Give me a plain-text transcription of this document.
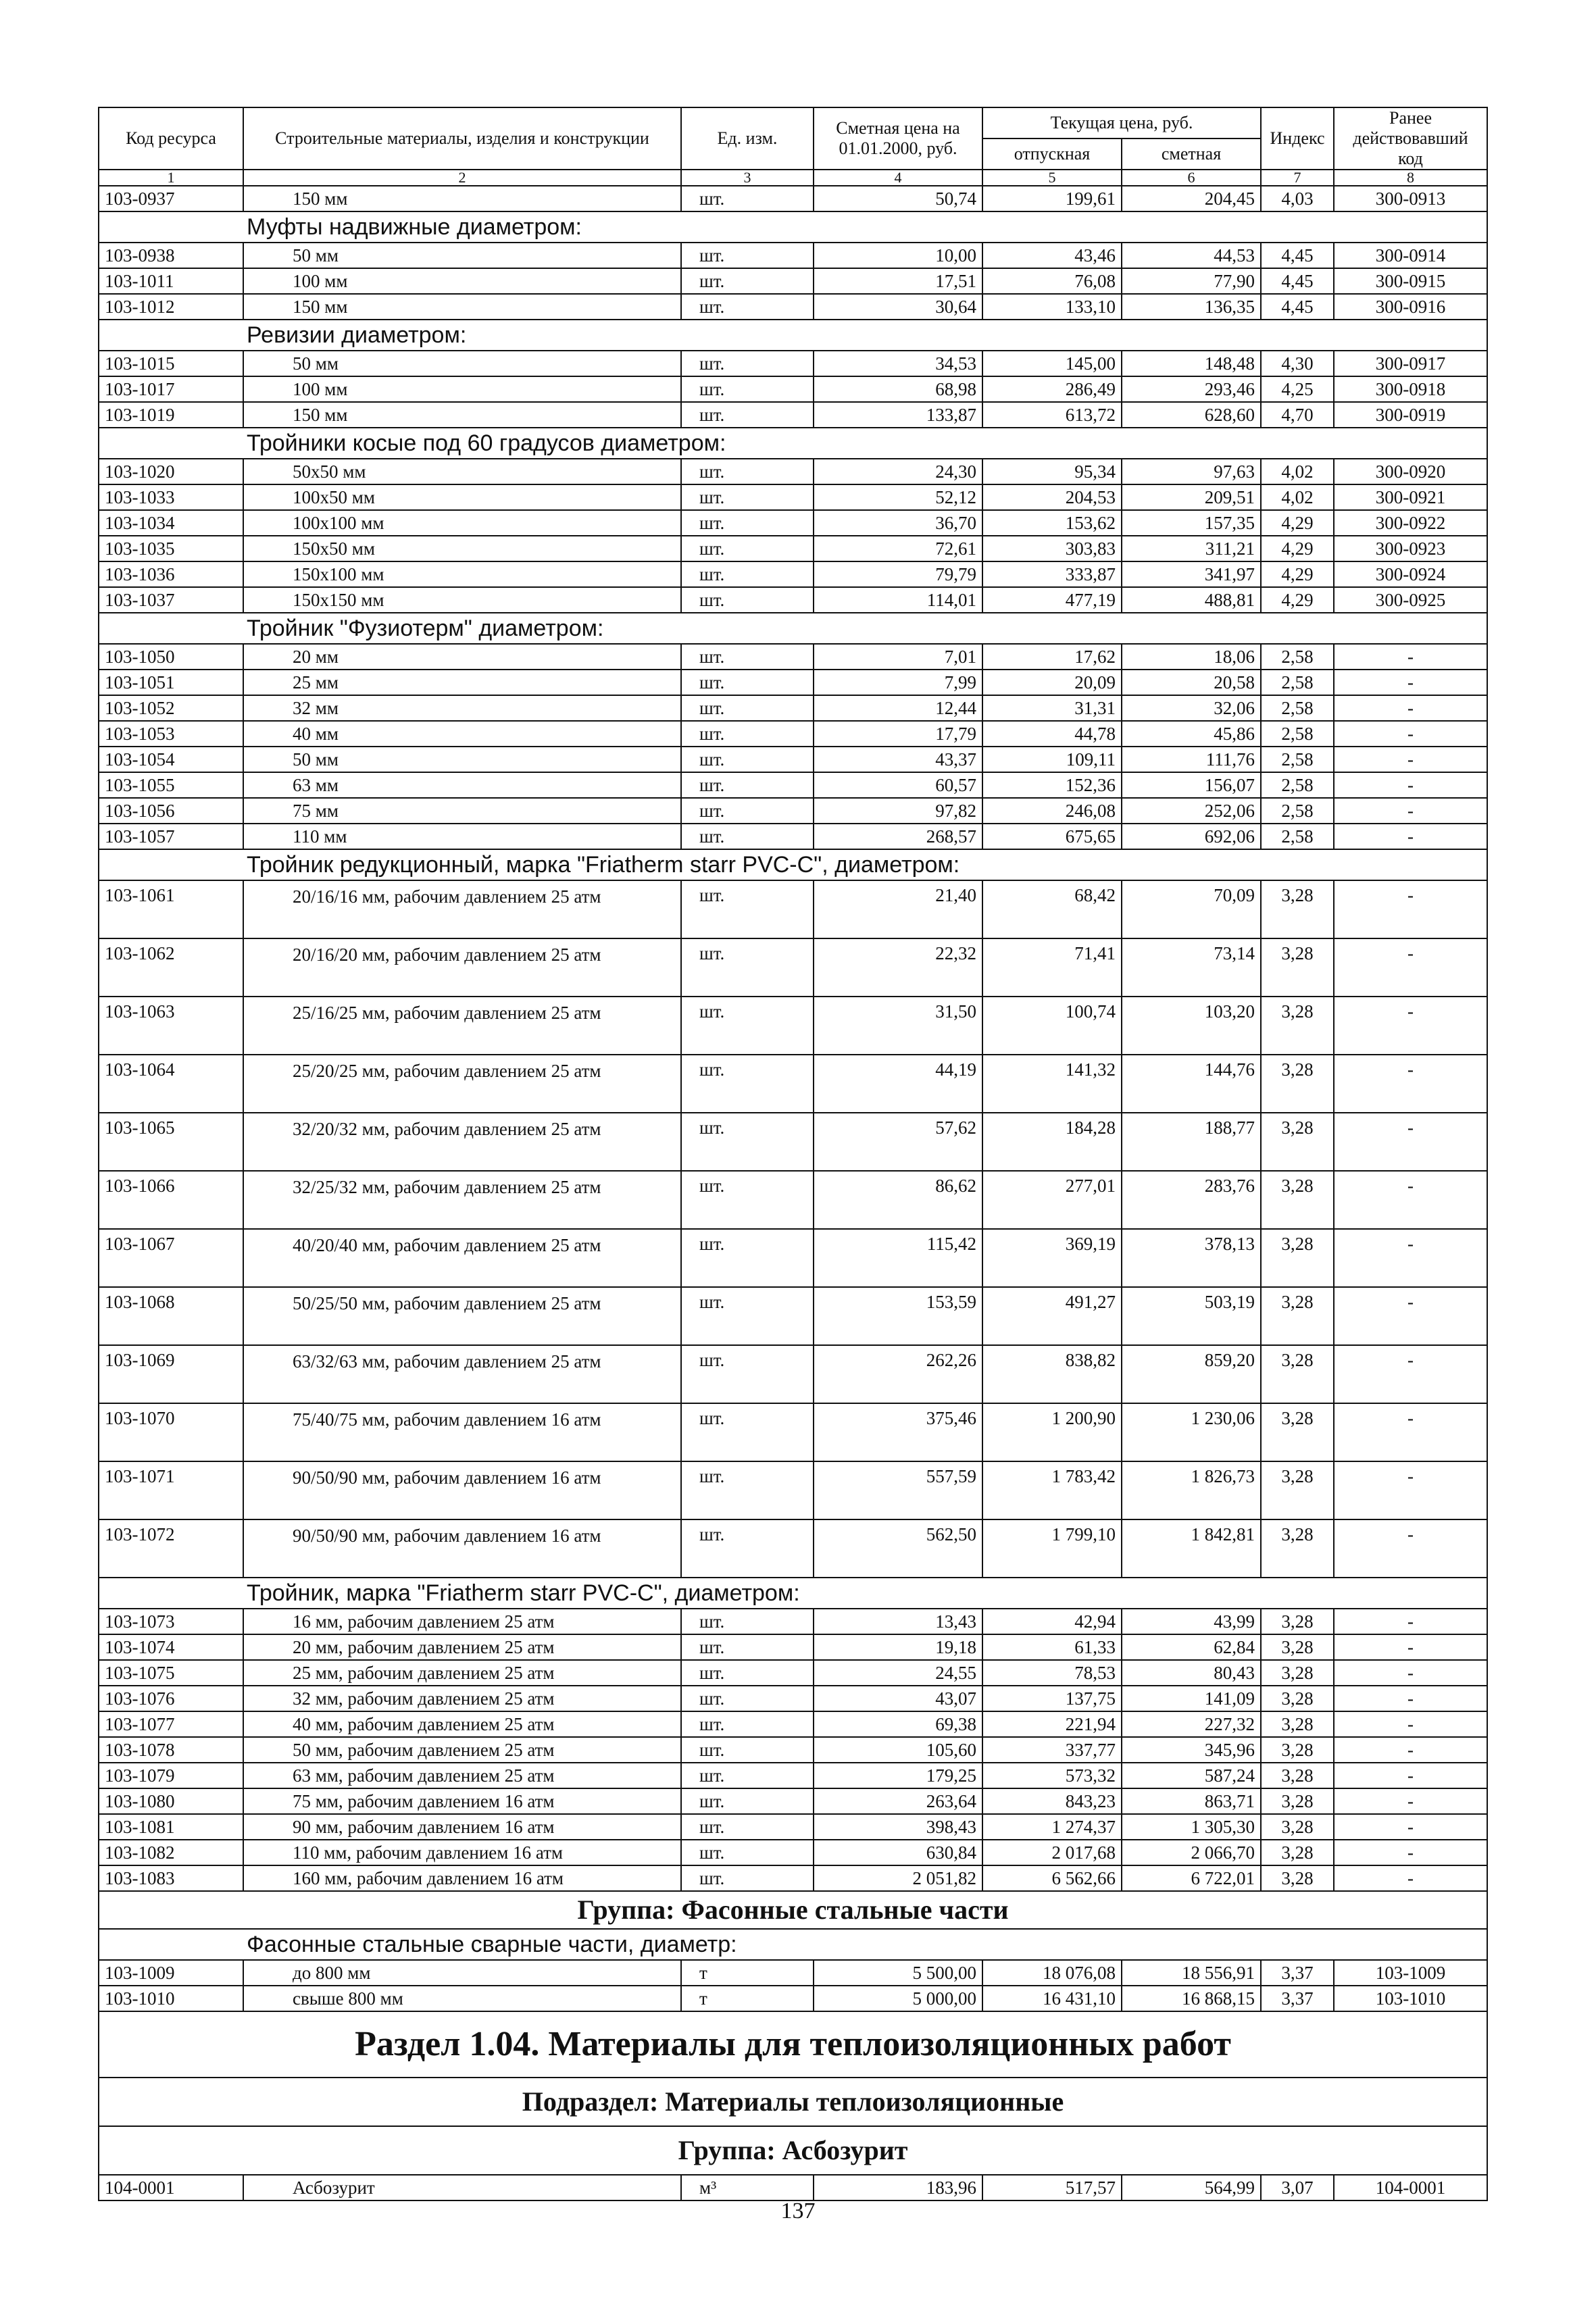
Код ресурса	Строительные материалы, изделия и конструкции	Ед. изм.	Сметная цена на 01.01.2000, руб.	Текущая цена, руб.		Индекс	Ранее действовавший код
				отпускная	сметная		
1	2	3	4	5	6	7	8
103-0937	150 мм	шт.	50,74	199,61	204,45	4,03	300-0913
Муфты надвижные диаметром:							
103-0938	50 мм	шт.	10,00	43,46	44,53	4,45	300-0914
103-1011	100 мм	шт.	17,51	76,08	77,90	4,45	300-0915
103-1012	150 мм	шт.	30,64	133,10	136,35	4,45	300-0916
Ревизии диаметром:							
103-1015	50 мм	шт.	34,53	145,00	148,48	4,30	300-0917
103-1017	100 мм	шт.	68,98	286,49	293,46	4,25	300-0918
103-1019	150 мм	шт.	133,87	613,72	628,60	4,70	300-0919
Тройники косые под 60 градусов диаметром:							
103-1020	50х50 мм	шт.	24,30	95,34	97,63	4,02	300-0920
103-1033	100х50 мм	шт.	52,12	204,53	209,51	4,02	300-0921
103-1034	100х100 мм	шт.	36,70	153,62	157,35	4,29	300-0922
103-1035	150х50 мм	шт.	72,61	303,83	311,21	4,29	300-0923
103-1036	150х100 мм	шт.	79,79	333,87	341,97	4,29	300-0924
103-1037	150х150 мм	шт.	114,01	477,19	488,81	4,29	300-0925
Тройник "Фузиотерм" диаметром:							
103-1050	20 мм	шт.	7,01	17,62	18,06	2,58	-
103-1051	25 мм	шт.	7,99	20,09	20,58	2,58	-
103-1052	32 мм	шт.	12,44	31,31	32,06	2,58	-
103-1053	40 мм	шт.	17,79	44,78	45,86	2,58	-
103-1054	50 мм	шт.	43,37	109,11	111,76	2,58	-
103-1055	63 мм	шт.	60,57	152,36	156,07	2,58	-
103-1056	75 мм	шт.	97,82	246,08	252,06	2,58	-
103-1057	110 мм	шт.	268,57	675,65	692,06	2,58	-
Тройник редукционный, марка "Friatherm starr PVC-C", диаметром:							
103-1061	20/16/16 мм, рабочим давлением 25 атм	шт.	21,40	68,42	70,09	3,28	-
103-1062	20/16/20 мм, рабочим давлением 25 атм	шт.	22,32	71,41	73,14	3,28	-
103-1063	25/16/25 мм, рабочим давлением 25 атм	шт.	31,50	100,74	103,20	3,28	-
103-1064	25/20/25 мм, рабочим давлением 25 атм	шт.	44,19	141,32	144,76	3,28	-
103-1065	32/20/32 мм, рабочим давлением 25 атм	шт.	57,62	184,28	188,77	3,28	-
103-1066	32/25/32 мм, рабочим давлением 25 атм	шт.	86,62	277,01	283,76	3,28	-
103-1067	40/20/40 мм, рабочим давлением 25 атм	шт.	115,42	369,19	378,13	3,28	-
103-1068	50/25/50 мм, рабочим давлением 25 атм	шт.	153,59	491,27	503,19	3,28	-
103-1069	63/32/63 мм, рабочим давлением 25 атм	шт.	262,26	838,82	859,20	3,28	-
103-1070	75/40/75 мм, рабочим давлением 16 атм	шт.	375,46	1 200,90	1 230,06	3,28	-
103-1071	90/50/90 мм, рабочим давлением 16 атм	шт.	557,59	1 783,42	1 826,73	3,28	-
103-1072	90/50/90 мм, рабочим давлением 16 атм	шт.	562,50	1 799,10	1 842,81	3,28	-
Тройник, марка "Friatherm starr PVC-C", диаметром:							
103-1073	16 мм, рабочим давлением 25 атм	шт.	13,43	42,94	43,99	3,28	-
103-1074	20 мм, рабочим давлением 25 атм	шт.	19,18	61,33	62,84	3,28	-
103-1075	25 мм, рабочим давлением 25 атм	шт.	24,55	78,53	80,43	3,28	-
103-1076	32 мм, рабочим давлением 25 атм	шт.	43,07	137,75	141,09	3,28	-
103-1077	40 мм, рабочим давлением 25 атм	шт.	69,38	221,94	227,32	3,28	-
103-1078	50 мм, рабочим давлением 25 атм	шт.	105,60	337,77	345,96	3,28	-
103-1079	63 мм, рабочим давлением 25 атм	шт.	179,25	573,32	587,24	3,28	-
103-1080	75 мм, рабочим давлением 16 атм	шт.	263,64	843,23	863,71	3,28	-
103-1081	90 мм, рабочим давлением 16 атм	шт.	398,43	1 274,37	1 305,30	3,28	-
103-1082	110 мм, рабочим давлением 16 атм	шт.	630,84	2 017,68	2 066,70	3,28	-
103-1083	160 мм, рабочим давлением 16 атм	шт.	2 051,82	6 562,66	6 722,01	3,28	-
Группа: Фасонные стальные части							
Фасонные стальные сварные части, диаметр:							
103-1009	до 800 мм	т	5 500,00	18 076,08	18 556,91	3,37	103-1009
103-1010	свыше 800 мм	т	5 000,00	16 431,10	16 868,15	3,37	103-1010
Раздел 1.04. Материалы для теплоизоляционных работ							
Подраздел: Материалы теплоизоляционные							
Группа: Асбозурит							
104-0001	Асбозурит	м³	183,96	517,57	564,99	3,07	104-0001
137
